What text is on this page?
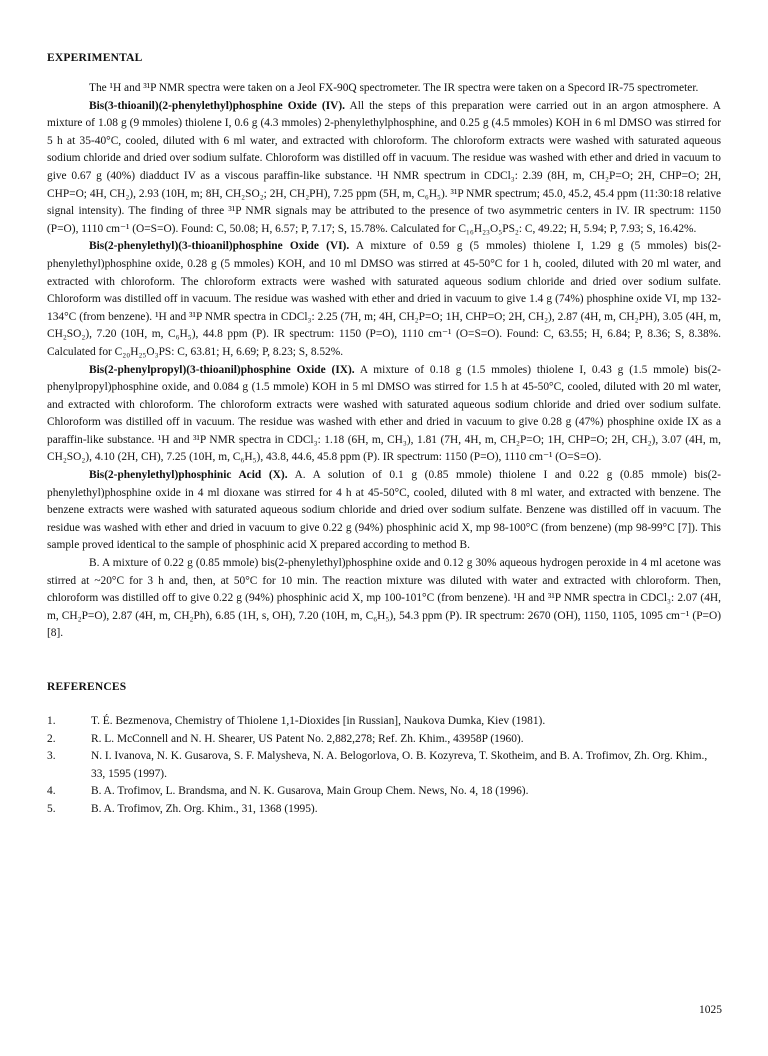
EXPERIMENTAL

The ¹H and ³¹P NMR spectra were taken on a Jeol FX-90Q spectrometer. The IR spectra were taken on a Specord IR-75 spectrometer.

Bis(3-thioanil)(2-phenylethyl)phosphine Oxide (IV). All the steps of this preparation were carried out in an argon atmosphere. A mixture of 1.08 g (9 mmoles) thiolene I, 0.6 g (4.3 mmoles) 2-phenylethylphosphine, and 0.25 g (4.5 mmoles) KOH in 6 ml DMSO was stirred for 5 h at 35-40°C, cooled, diluted with 6 ml water, and extracted with chloroform. The chloroform extracts were washed with saturated aqueous sodium chloride and dried over sodium sulfate. Chloroform was distilled off in vacuum. The residue was washed with ether and dried in vacuum to give 0.67 g (40%) diadduct IV as a viscous paraffin-like substance. ¹H NMR spectrum in CDCl₃: 2.39 (8H, m, CH₂P=O; 2H, CHP=O; 2H, CHP=O; 4H, CH₂), 2.93 (10H, m; 8H, CH₂SO₂; 2H, CH₂PH), 7.25 ppm (5H, m, C₆H₅). ³¹P NMR spectrum; 45.0, 45.2, 45.4 ppm (11:30:18 relative signal intensity). The finding of three ³¹P NMR signals may be attributed to the presence of two asymmetric centers in IV. IR spectrum: 1150 (P=O), 1110 cm⁻¹ (O=S=O). Found: C, 50.08; H, 6.57; P, 7.17; S, 15.78%. Calculated for C₁₆H₂₃O₅PS₂: C, 49.22; H, 5.94; P, 7.93; S, 16.42%.

Bis(2-phenylethyl)(3-thioanil)phosphine Oxide (VI). A mixture of 0.59 g (5 mmoles) thiolene I, 1.29 g (5 mmoles) bis(2-phenylethyl)phosphine oxide, 0.28 g (5 mmoles) KOH, and 10 ml DMSO was stirred at 45-50°C for 1 h, cooled, diluted with 20 ml water, and extracted with chloroform. The chloroform extracts were washed with saturated aqueous sodium chloride and dried over sodium sulfate. Chloroform was distilled off in vacuum. The residue was washed with ether and dried in vacuum to give 1.4 g (74%) phosphine oxide VI, mp 132-134°C (from benzene). ¹H and ³¹P NMR spectra in CDCl₃: 2.25 (7H, m; 4H, CH₂P=O; 1H, CHP=O; 2H, CH₂), 2.87 (4H, m, CH₂PH), 3.05 (4H, m, CH₂SO₂), 7.20 (10H, m, C₆H₅), 44.8 ppm (P). IR spectrum: 1150 (P=O), 1110 cm⁻¹ (O=S=O). Found: C, 63.55; H, 6.84; P, 8.36; S, 8.38%. Calculated for C₂₀H₂₅O₃PS: C, 63.81; H, 6.69; P, 8.23; S, 8.52%.

Bis(2-phenylpropyl)(3-thioanil)phosphine Oxide (IX). A mixture of 0.18 g (1.5 mmoles) thiolene I, 0.43 g (1.5 mmole) bis(2-phenylpropyl)phosphine oxide, and 0.084 g (1.5 mmole) KOH in 5 ml DMSO was stirred for 1.5 h at 45-50°C, cooled, diluted with 20 ml water, and extracted with chloroform. The chloroform extracts were washed with saturated aqueous sodium chloride and dried over sodium sulfate. Chloroform was distilled off in vacuum. The residue was washed with ether and dried in vacuum to give 0.28 g (47%) phosphine oxide IX as a paraffin-like substance. ¹H and ³¹P NMR spectra in CDCl₃: 1.18 (6H, m, CH₃), 1.81 (7H, 4H, m, CH₂P=O; 1H, CHP=O; 2H, CH₂), 3.07 (4H, m, CH₂SO₂), 4.10 (2H, CH), 7.25 (10H, m, C₆H₅), 43.8, 44.6, 45.8 ppm (P). IR spectrum: 1150 (P=O), 1110 cm⁻¹ (O=S=O).

Bis(2-phenylethyl)phosphinic Acid (X). A. A solution of 0.1 g (0.85 mmole) thiolene I and 0.22 g (0.85 mmole) bis(2-phenylethyl)phosphine oxide in 4 ml dioxane was stirred for 4 h at 45-50°C, cooled, diluted with 8 ml water, and extracted with benzene. The benzene extracts were washed with saturated aqueous sodium chloride and dried over sodium sulfate. Benzene was distilled off in vacuum. The residue was washed with ether and dried in vacuum to give 0.22 g (94%) phosphinic acid X, mp 98-100°C (from benzene) (mp 98-99°C [7]). This sample proved identical to the sample of phosphinic acid X prepared according to method B.

B. A mixture of 0.22 g (0.85 mmole) bis(2-phenylethyl)phosphine oxide and 0.12 g 30% aqueous hydrogen peroxide in 4 ml acetone was stirred at ~20°C for 3 h and, then, at 50°C for 10 min. The reaction mixture was diluted with water and extracted with chloroform. Then, chloroform was distilled off to give 0.22 g (94%) phosphinic acid X, mp 100-101°C (from benzene). ¹H and ³¹P NMR spectra in CDCl₃: 2.07 (4H, m, CH₂P=O), 2.87 (4H, m, CH₂Ph), 6.85 (1H, s, OH), 7.20 (10H, m, C₆H₅), 54.3 ppm (P). IR spectrum: 2670 (OH), 1150, 1105, 1095 cm⁻¹ (P=O) [8].

REFERENCES
1.	T. É. Bezmenova, Chemistry of Thiolene 1,1-Dioxides [in Russian], Naukova Dumka, Kiev (1981).
2.	R. L. McConnell and N. H. Shearer, US Patent No. 2,882,278; Ref. Zh. Khim., 43958P (1960).
3.	N. I. Ivanova, N. K. Gusarova, S. F. Malysheva, N. A. Belogorlova, O. B. Kozyreva, T. Skotheim, and B. A. Trofimov, Zh. Org. Khim., 33, 1595 (1997).
4.	B. A. Trofimov, L. Brandsma, and N. K. Gusarova, Main Group Chem. News, No. 4, 18 (1996).
5.	B. A. Trofimov, Zh. Org. Khim., 31, 1368 (1995).
1025
